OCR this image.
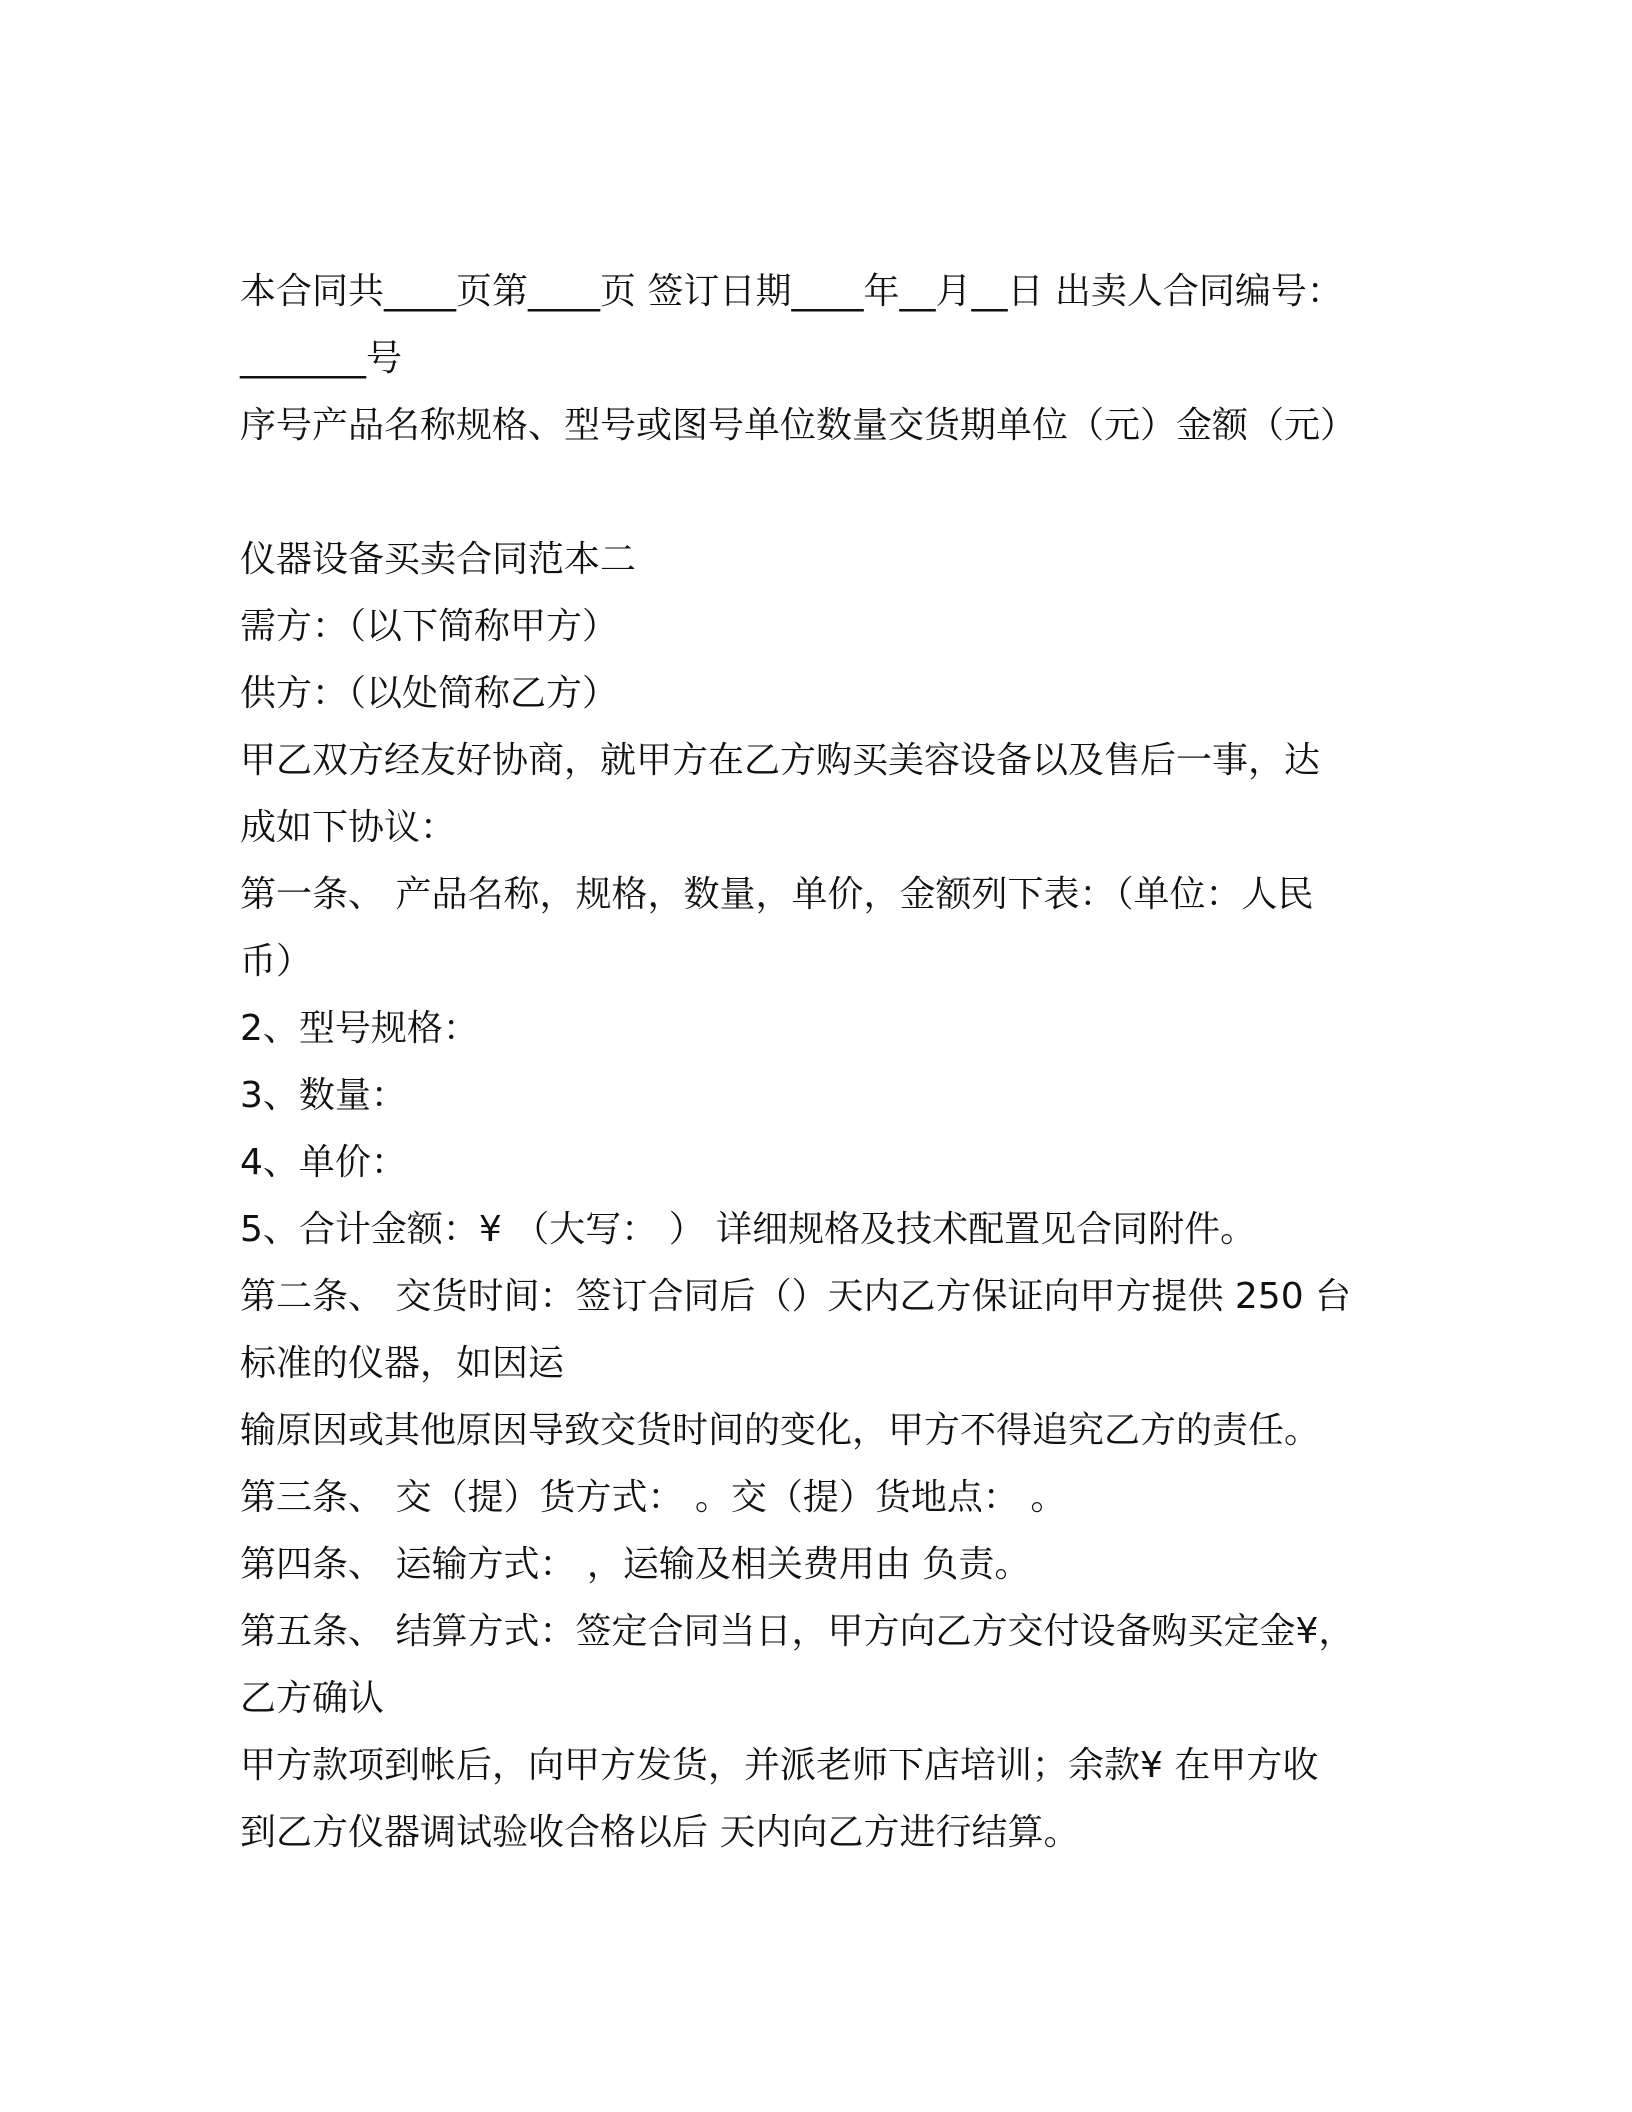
本合同共____页第____页 签订日期____年__月__日 出卖人合同编号：
_______号
序号产品名称规格、型号或图号单位数量交货期单位（元）金额（元）
仪器设备买卖合同范本二
需方：（以下简称甲方）
供方：（以处简称乙方）
甲乙双方经友好协商，就甲方在乙方购买美容设备以及售后一事，达
成如下协议：
第一条、 产品名称，规格，数量，单价，金额列下表：（单位：人民
币）
2、型号规格：
3、数量：
4、单价：
5、合计金额：¥ （大写： ） 详细规格及技术配置见合同附件。
第二条、 交货时间：签订合同后（）天内乙方保证向甲方提供 250 台
标准的仪器，如因运
输原因或其他原因导致交货时间的变化，甲方不得追究乙方的责任。
第三条、 交（提）货方式： 。交（提）货地点： 。
第四条、 运输方式： ，运输及相关费用由 负责。
第五条、 结算方式：签定合同当日，甲方向乙方交付设备购买定金¥，
乙方确认
甲方款项到帐后，向甲方发货，并派老师下店培训；余款¥ 在甲方收
到乙方仪器调试验收合格以后 天内向乙方进行结算。
